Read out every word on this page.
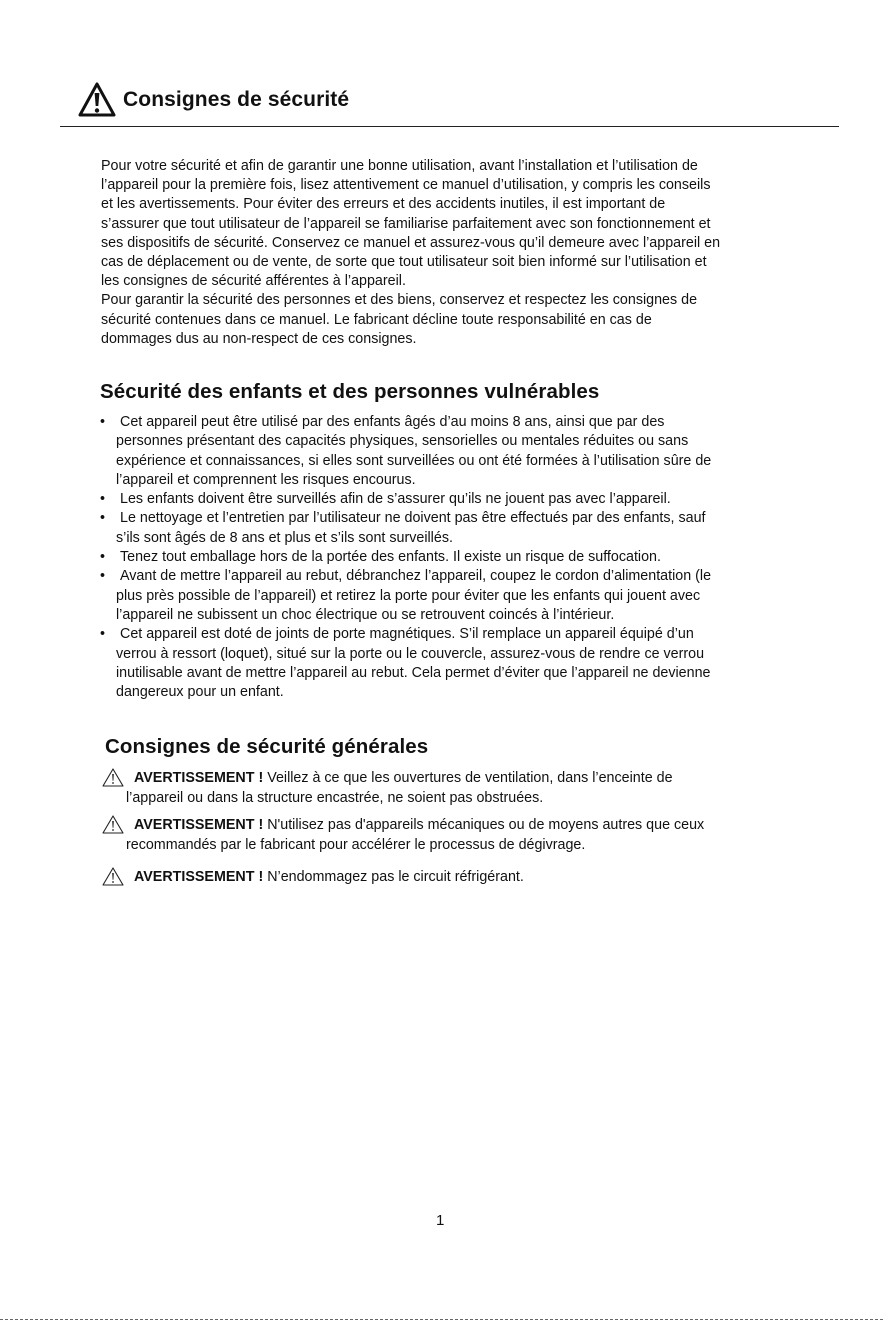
Consignes de sécurité
Pour votre sécurité et afin de garantir une bonne utilisation, avant l’installation et l’utilisation de
l’appareil pour la première fois, lisez attentivement ce manuel d’utilisation, y compris les conseils
et les avertissements. Pour éviter des erreurs et des accidents inutiles, il est important de
s’assurer que tout utilisateur de l’appareil se familiarise parfaitement avec son fonctionnement et
ses dispositifs de sécurité. Conservez ce manuel et assurez-vous qu’il demeure avec l’appareil en
cas de déplacement ou de vente, de sorte que tout utilisateur soit bien informé sur l’utilisation et
les consignes de sécurité afférentes à l’appareil.
Pour garantir la sécurité des personnes et des biens, conservez et respectez les consignes de
sécurité contenues dans ce manuel. Le fabricant décline toute responsabilité en cas de
dommages dus au non-respect de ces consignes.
Sécurité des enfants et des personnes vulnérables
• Cet appareil peut être utilisé par des enfants âgés d’au moins 8 ans, ainsi que par des
personnes présentant des capacités physiques, sensorielles ou mentales réduites ou sans
expérience et connaissances, si elles sont surveillées ou ont été formées à l’utilisation sûre de
l’appareil et comprennent les risques encourus.
• Les enfants doivent être surveillés afin de s’assurer qu’ils ne jouent pas avec l’appareil.
• Le nettoyage et l’entretien par l’utilisateur ne doivent pas être effectués par des enfants, sauf
s’ils sont âgés de 8 ans et plus et s’ils sont surveillés.
• Tenez tout emballage hors de la portée des enfants. Il existe un risque de suffocation.
• Avant de mettre l’appareil au rebut, débranchez l’appareil, coupez le cordon d’alimentation (le
plus près possible de l’appareil) et retirez la porte pour éviter que les enfants qui jouent avec
l’appareil ne subissent un choc électrique ou se retrouvent coincés à l’intérieur.
• Cet appareil est doté de joints de porte magnétiques. S’il remplace un appareil équipé d’un
verrou à ressort (loquet), situé sur la porte ou le couvercle, assurez-vous de rendre ce verrou
inutilisable avant de mettre l’appareil au rebut. Cela permet d’éviter que l’appareil ne devienne
dangereux pour un enfant.
Consignes de sécurité générales
AVERTISSEMENT ! Veillez à ce que les ouvertures de ventilation, dans l’enceinte de
l’appareil ou dans la structure encastrée, ne soient pas obstruées.
AVERTISSEMENT ! N'utilisez pas d'appareils mécaniques ou de moyens autres que ceux
recommandés par le fabricant pour accélérer le processus de dégivrage.
AVERTISSEMENT ! N’endommagez pas le circuit réfrigérant.
1
